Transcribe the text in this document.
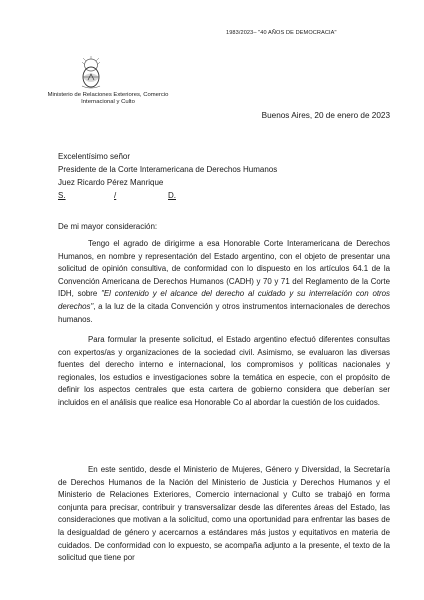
1983/2023– "40 AÑOS DE DEMOCRACIA"
Ministerio de Relaciones Exteriores, Comercio
Internacional y Culto
Buenos Aires, 20 de enero de 2023
Excelentísimo señor
Presidente de la Corte Interamericana de Derechos Humanos
Juez Ricardo Pérez Manrique
S.	/	D.
De mi mayor consideración:

Tengo el agrado de dirigirme a esa Honorable Corte Interamericana de Derechos Humanos, en nombre y representación del Estado argentino, con el objeto de presentar una solicitud de opinión consultiva, de conformidad con lo dispuesto en los artículos 64.1 de la Convención Americana de Derechos Humanos (CADH) y 70 y 71 del Reglamento de la Corte IDH, sobre "El contenido y el alcance del derecho al cuidado y su interrelación con otros derechos", a la luz de la citada Convención y otros instrumentos internacionales de derechos humanos.

Para formular la presente solicitud, el Estado argentino efectuó diferentes consultas con expertos/as y organizaciones de la sociedad civil. Asimismo, se evaluaron las diversas fuentes del derecho interno e internacional, los compromisos y políticas nacionales y regionales, los estudios e investigaciones sobre la temática en especie, con el propósito de definir los aspectos centrales que esta cartera de gobierno considera que deberían ser incluidos en el análisis que realice esa Honorable Co al abordar la cuestión de los cuidados.

En este sentido, desde el Ministerio de Mujeres, Género y Diversidad, la Secretaría de Derechos Humanos de la Nación del Ministerio de Justicia y Derechos Humanos y el Ministerio de Relaciones Exteriores, Comercio internacional y Culto se trabajó en forma conjunta para precisar, contribuir y transversalizar desde las diferentes áreas del Estado, las consideraciones que motivan a la solicitud, como una oportunidad para enfrentar las bases de la desigualdad de género y acercarnos a estándares más justos y equitativos en materia de cuidados. De conformidad con lo expuesto, se acompaña adjunto a la presente, el texto de la solicitud que tiene por
